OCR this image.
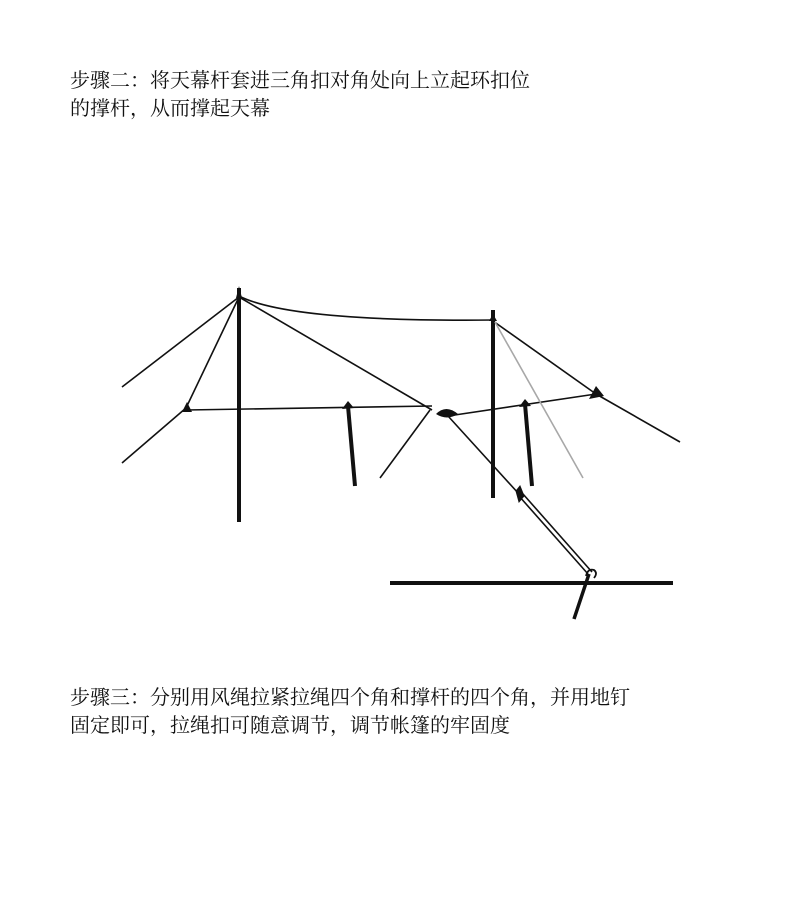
步骤二：将天幕杆套进三角扣对角处向上立起环扣位
的撑杆，从而撑起天幕
步骤三：分别用风绳拉紧拉绳四个角和撑杆的四个角，并用地钉
固定即可，拉绳扣可随意调节，调节帐篷的牢固度
